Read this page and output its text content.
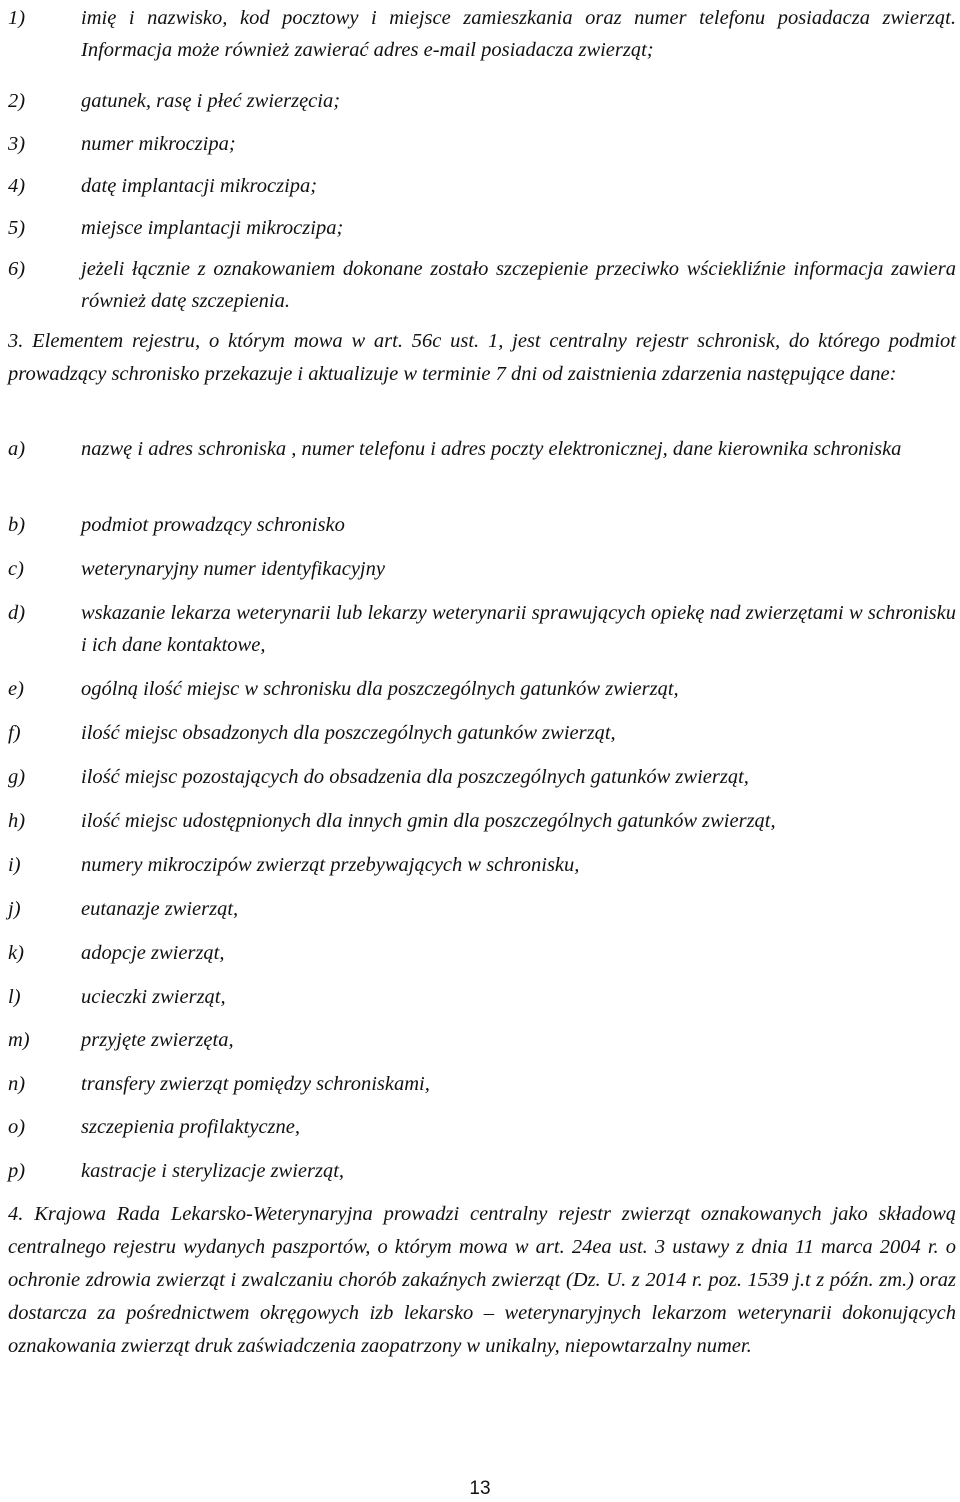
1)	imię i nazwisko, kod pocztowy i miejsce zamieszkania oraz numer telefonu posiadacza zwierząt. Informacja może również zawierać adres e-mail posiadacza zwierząt;
2)	gatunek, rasę i płeć zwierzęcia;
3)	numer mikroczipa;
4)	datę implantacji mikroczipa;
5)	miejsce implantacji mikroczipa;
6)	jeżeli łącznie z oznakowaniem dokonane zostało szczepienie przeciwko wściekliźnie informacja zawiera również datę szczepienia.
3. Elementem rejestru, o którym mowa w art. 56c ust. 1, jest centralny rejestr schronisk, do którego podmiot prowadzący schronisko przekazuje i aktualizuje w terminie 7 dni od zaistnienia zdarzenia następujące dane:
a)	nazwę i adres schroniska , numer telefonu i adres poczty elektronicznej, dane kierownika schroniska
b)	podmiot prowadzący schronisko
c)	weterynaryjny numer identyfikacyjny
d)	wskazanie lekarza weterynarii lub lekarzy weterynarii sprawujących opiekę nad zwierzętami w schronisku i ich dane kontaktowe,
e)	ogólną ilość miejsc w schronisku dla poszczególnych gatunków zwierząt,
f)	ilość miejsc obsadzonych dla poszczególnych gatunków zwierząt,
g)	ilość miejsc pozostających do obsadzenia dla poszczególnych gatunków zwierząt,
h)	ilość miejsc udostępnionych dla innych gmin dla poszczególnych gatunków zwierząt,
i)	numery mikroczipów zwierząt przebywających w schronisku,
j)	eutanazje zwierząt,
k)	adopcje zwierząt,
l)	ucieczki zwierząt,
m)	przyjęte zwierzęta,
n)	transfery zwierząt pomiędzy schroniskami,
o)	szczepienia profilaktyczne,
p)	kastracje i sterylizacje zwierząt,
4. Krajowa Rada Lekarsko-Weterynaryjna prowadzi centralny rejestr zwierząt oznakowanych jako składową centralnego rejestru wydanych paszportów, o którym mowa w art. 24ea ust. 3 ustawy z dnia 11 marca 2004 r. o ochronie zdrowia zwierząt i zwalczaniu chorób zakaźnych zwierząt (Dz. U. z 2014 r. poz. 1539 j.t z późn. zm.) oraz dostarcza za pośrednictwem okręgowych izb lekarsko – weterynaryjnych lekarzom weterynarii dokonujących oznakowania zwierząt druk zaświadczenia zaopatrzony w unikalny, niepowtarzalny numer.
13
